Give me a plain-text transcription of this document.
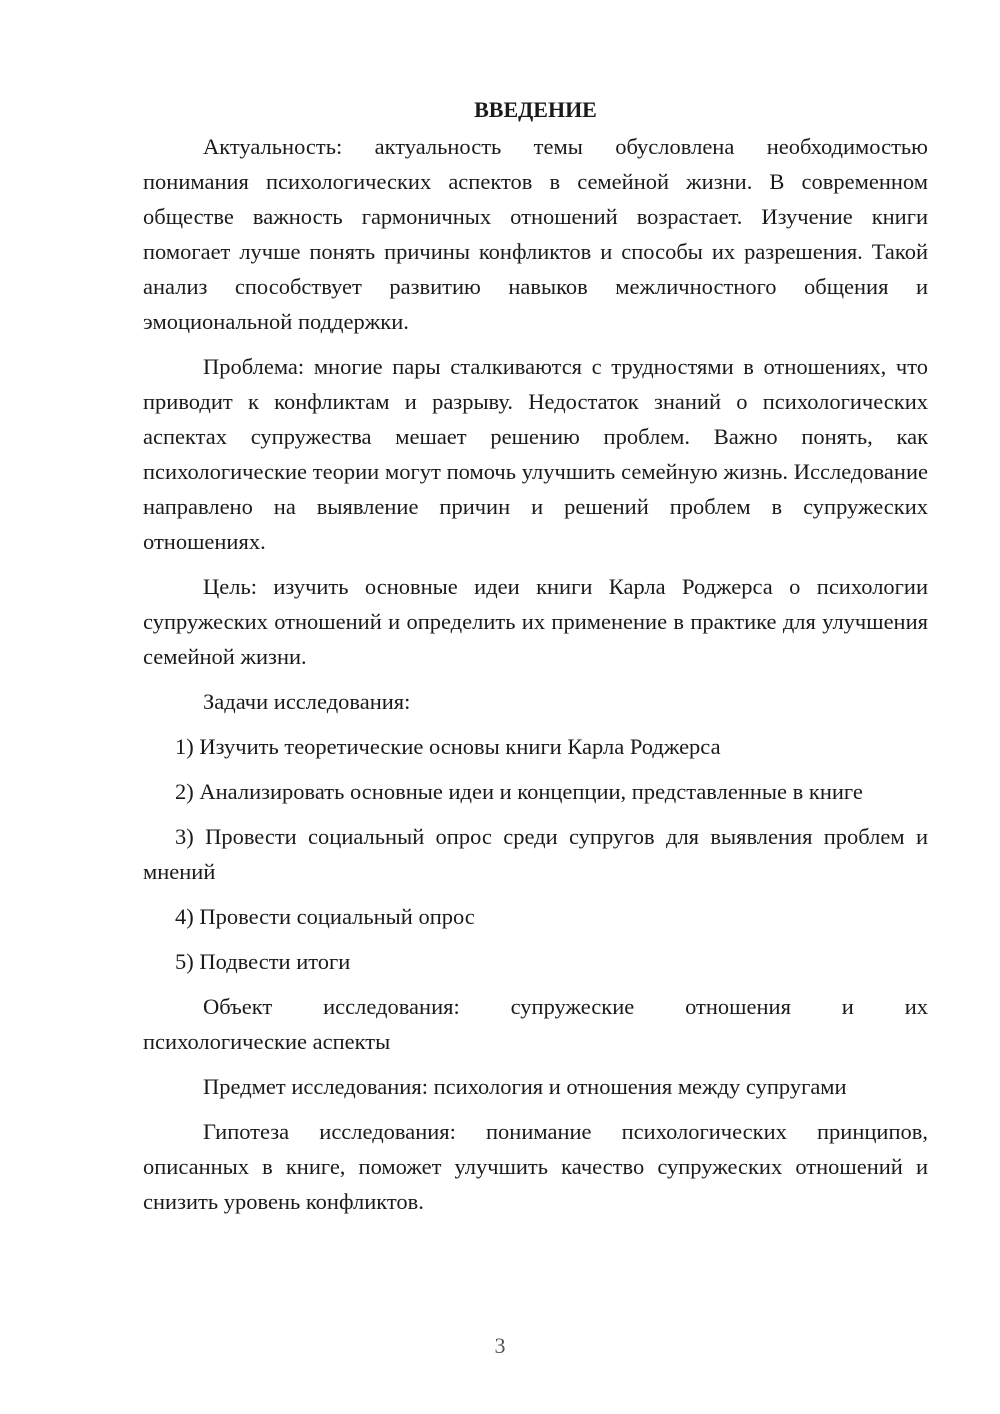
ВВЕДЕНИЕ

Актуальность: актуальность темы обусловлена необходимостью понимания психологических аспектов в семейной жизни. В современном обществе важность гармоничных отношений возрастает. Изучение книги помогает лучше понять причины конфликтов и способы их разрешения. Такой анализ способствует развитию навыков межличностного общения и эмоциональной поддержки.

Проблема: многие пары сталкиваются с трудностями в отношениях, что приводит к конфликтам и разрыву. Недостаток знаний о психологических аспектах супружества мешает решению проблем. Важно понять, как психологические теории могут помочь улучшить семейную жизнь. Исследование направлено на выявление причин и решений проблем в супружеских отношениях.

Цель: изучить основные идеи книги Карла Роджерса о психологии супружеских отношений и определить их применение в практике для улучшения семейной жизни.

Задачи исследования:

1) Изучить теоретические основы книги Карла Роджерса

2) Анализировать основные идеи и концепции, представленные в книге

3) Провести социальный опрос среди супругов для выявления проблем и мнений

4) Провести социальный опрос

5) Подвести итоги

Объект исследования: супружеские отношения и их
психологические аспекты

Предмет исследования: психология и отношения между супругами

Гипотеза исследования: понимание психологических принципов, описанных в книге, поможет улучшить качество супружеских отношений и снизить уровень конфликтов.

3
